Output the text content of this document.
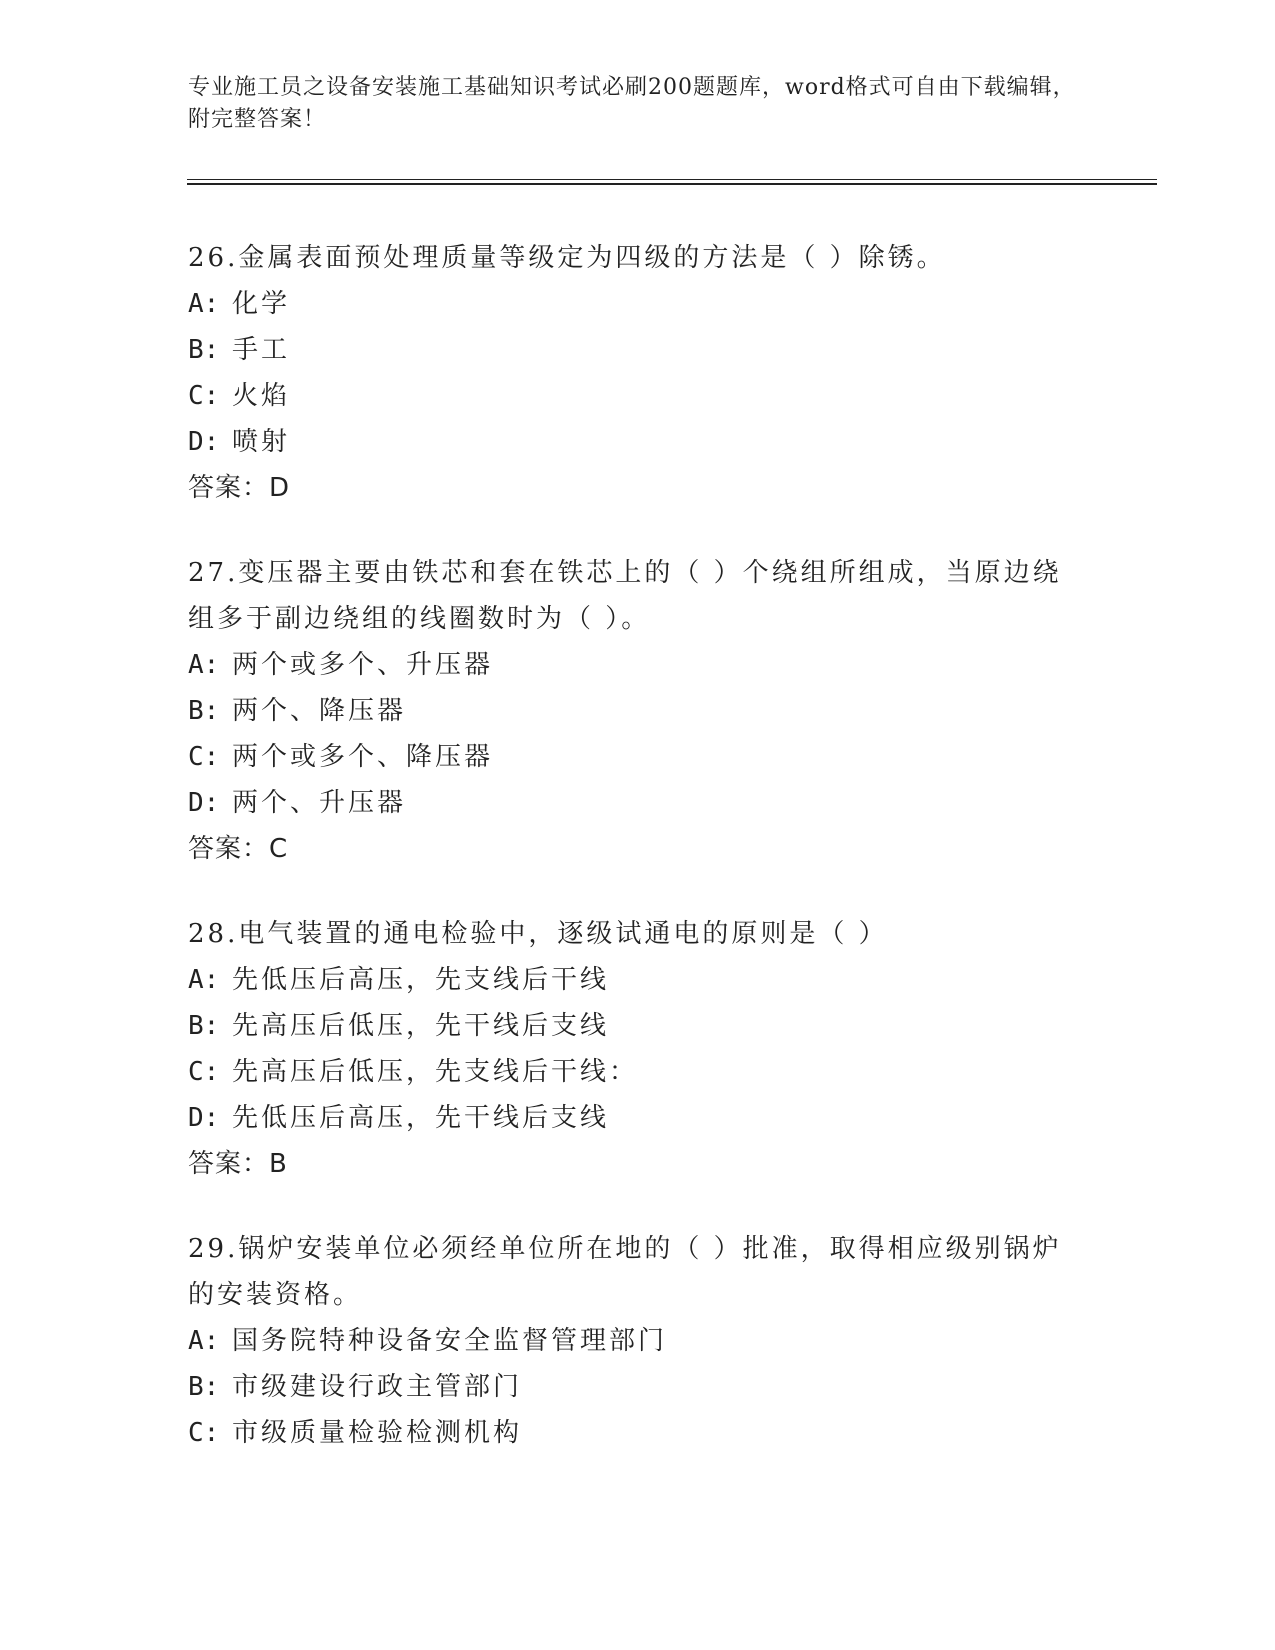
专业施工员之设备安装施工基础知识考试必刷200题题库，word格式可自由下载编辑，附完整答案！

26.金属表面预处理质量等级定为四级的方法是（ ）除锈。

A: 化学

B: 手工

C: 火焰

D: 喷射

答案：D

27.变压器主要由铁芯和套在铁芯上的（ ）个绕组所组成，当原边绕组多于副边绕组的线圈数时为（ ）。

A: 两个或多个、升压器

B: 两个、降压器

C: 两个或多个、降压器

D: 两个、升压器

答案：C

28.电气装置的通电检验中，逐级试通电的原则是（ ）

A: 先低压后高压，先支线后干线

B: 先高压后低压，先干线后支线

C: 先高压后低压，先支线后干线：

D: 先低压后高压，先干线后支线

答案：B

29.锅炉安装单位必须经单位所在地的（ ）批准，取得相应级别锅炉的安装资格。

A: 国务院特种设备安全监督管理部门

B: 市级建设行政主管部门

C: 市级质量检验检测机构
